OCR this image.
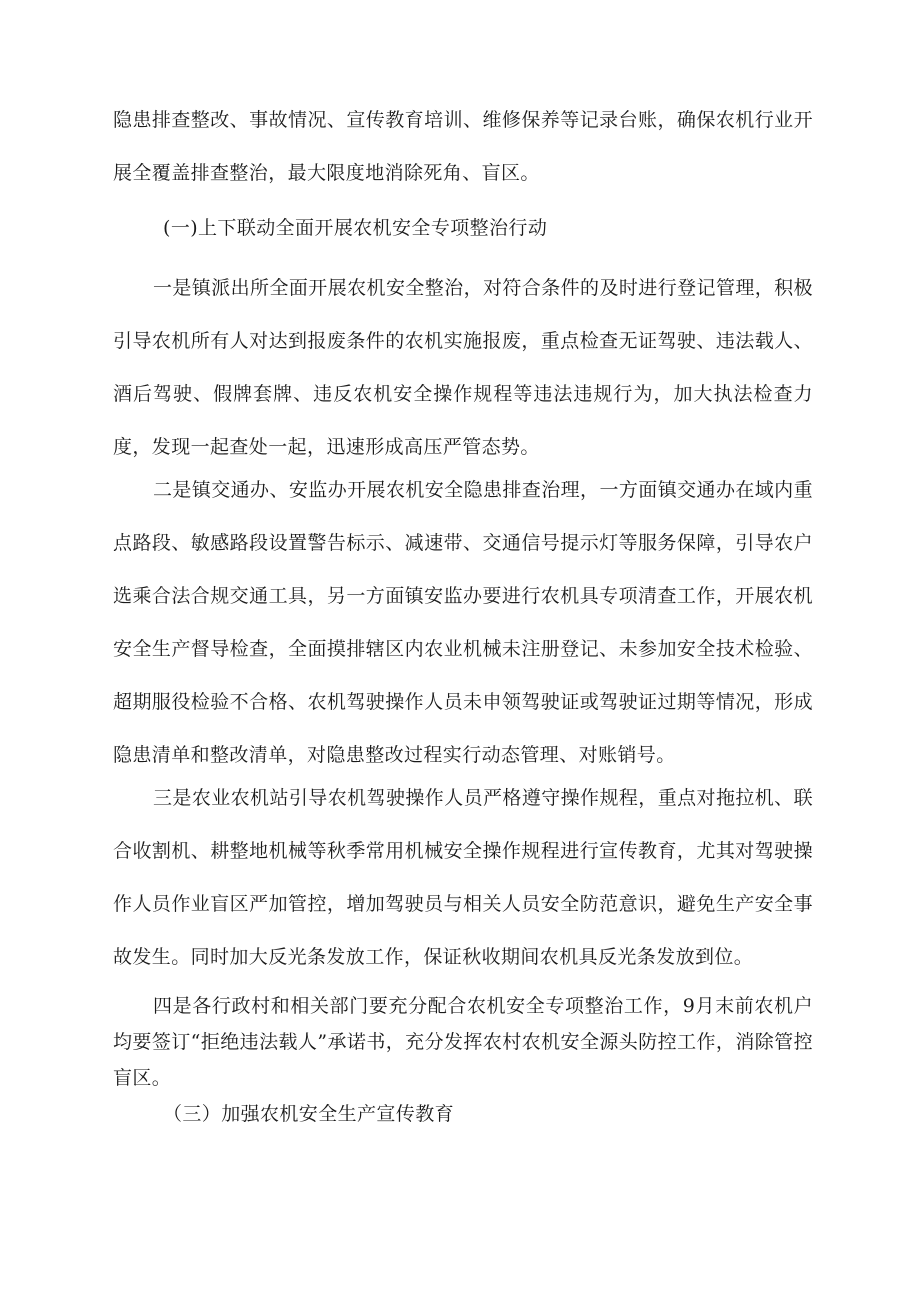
隐患排查整改、事故情况、宣传教育培训、维修保养等记录台账，确保农机行业开展全覆盖排查整治，最大限度地消除死角、盲区。

(一)上下联动全面开展农机安全专项整治行动

一是镇派出所全面开展农机安全整治，对符合条件的及时进行登记管理，积极引导农机所有人对达到报废条件的农机实施报废，重点检查无证驾驶、违法载人、酒后驾驶、假牌套牌、违反农机安全操作规程等违法违规行为，加大执法检查力度，发现一起查处一起，迅速形成高压严管态势。

二是镇交通办、安监办开展农机安全隐患排查治理，一方面镇交通办在域内重点路段、敏感路段设置警告标示、减速带、交通信号提示灯等服务保障，引导农户选乘合法合规交通工具，另一方面镇安监办要进行农机具专项清查工作，开展农机安全生产督导检查，全面摸排辖区内农业机械未注册登记、未参加安全技术检验、超期服役检验不合格、农机驾驶操作人员未申领驾驶证或驾驶证过期等情况，形成隐患清单和整改清单，对隐患整改过程实行动态管理、对账销号。

三是农业农机站引导农机驾驶操作人员严格遵守操作规程，重点对拖拉机、联合收割机、耕整地机械等秋季常用机械安全操作规程进行宣传教育，尤其对驾驶操作人员作业盲区严加管控，增加驾驶员与相关人员安全防范意识，避免生产安全事故发生。同时加大反光条发放工作，保证秋收期间农机具反光条发放到位。

四是各行政村和相关部门要充分配合农机安全专项整治工作，9月末前农机户均要签订“拒绝违法载人”承诺书，充分发挥农村农机安全源头防控工作，消除管控盲区。

（三）加强农机安全生产宣传教育
